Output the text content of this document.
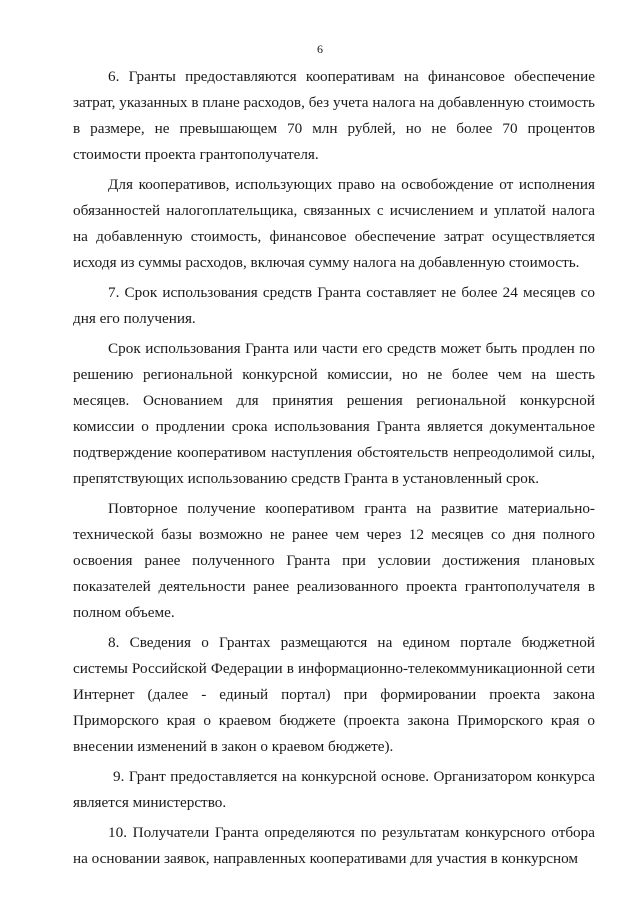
6

6. Гранты предоставляются кооперативам на финансовое обеспечение затрат, указанных в плане расходов, без учета налога на добавленную стоимость в размере, не превышающем 70 млн рублей, но не более 70 процентов стоимости проекта грантополучателя.

Для кооперативов, использующих право на освобождение от исполнения обязанностей налогоплательщика, связанных с исчислением и уплатой налога на добавленную стоимость, финансовое обеспечение затрат осуществляется исходя из суммы расходов, включая сумму налога на добавленную стоимость.

7. Срок использования средств Гранта составляет не более 24 месяцев со дня его получения.

Срок использования Гранта или части его средств может быть продлен по решению региональной конкурсной комиссии, но не более чем на шесть месяцев. Основанием для принятия решения региональной конкурсной комиссии о продлении срока использования Гранта является документальное подтверждение кооперативом наступления обстоятельств непреодолимой силы, препятствующих использованию средств Гранта в установленный срок.

Повторное получение кооперативом гранта на развитие материально-технической базы возможно не ранее чем через 12 месяцев со дня полного освоения ранее полученного Гранта при условии достижения плановых показателей деятельности ранее реализованного проекта грантополучателя в полном объеме.

8. Сведения о Грантах размещаются на едином портале бюджетной системы Российской Федерации в информационно-телекоммуникационной сети Интернет (далее - единый портал) при формировании проекта закона Приморского края о краевом бюджете (проекта закона Приморского края о внесении изменений в закон о краевом бюджете).

9. Грант предоставляется на конкурсной основе. Организатором конкурса является министерство.

10. Получатели Гранта определяются по результатам конкурсного отбора на основании заявок, направленных кооперативами для участия в конкурсном
